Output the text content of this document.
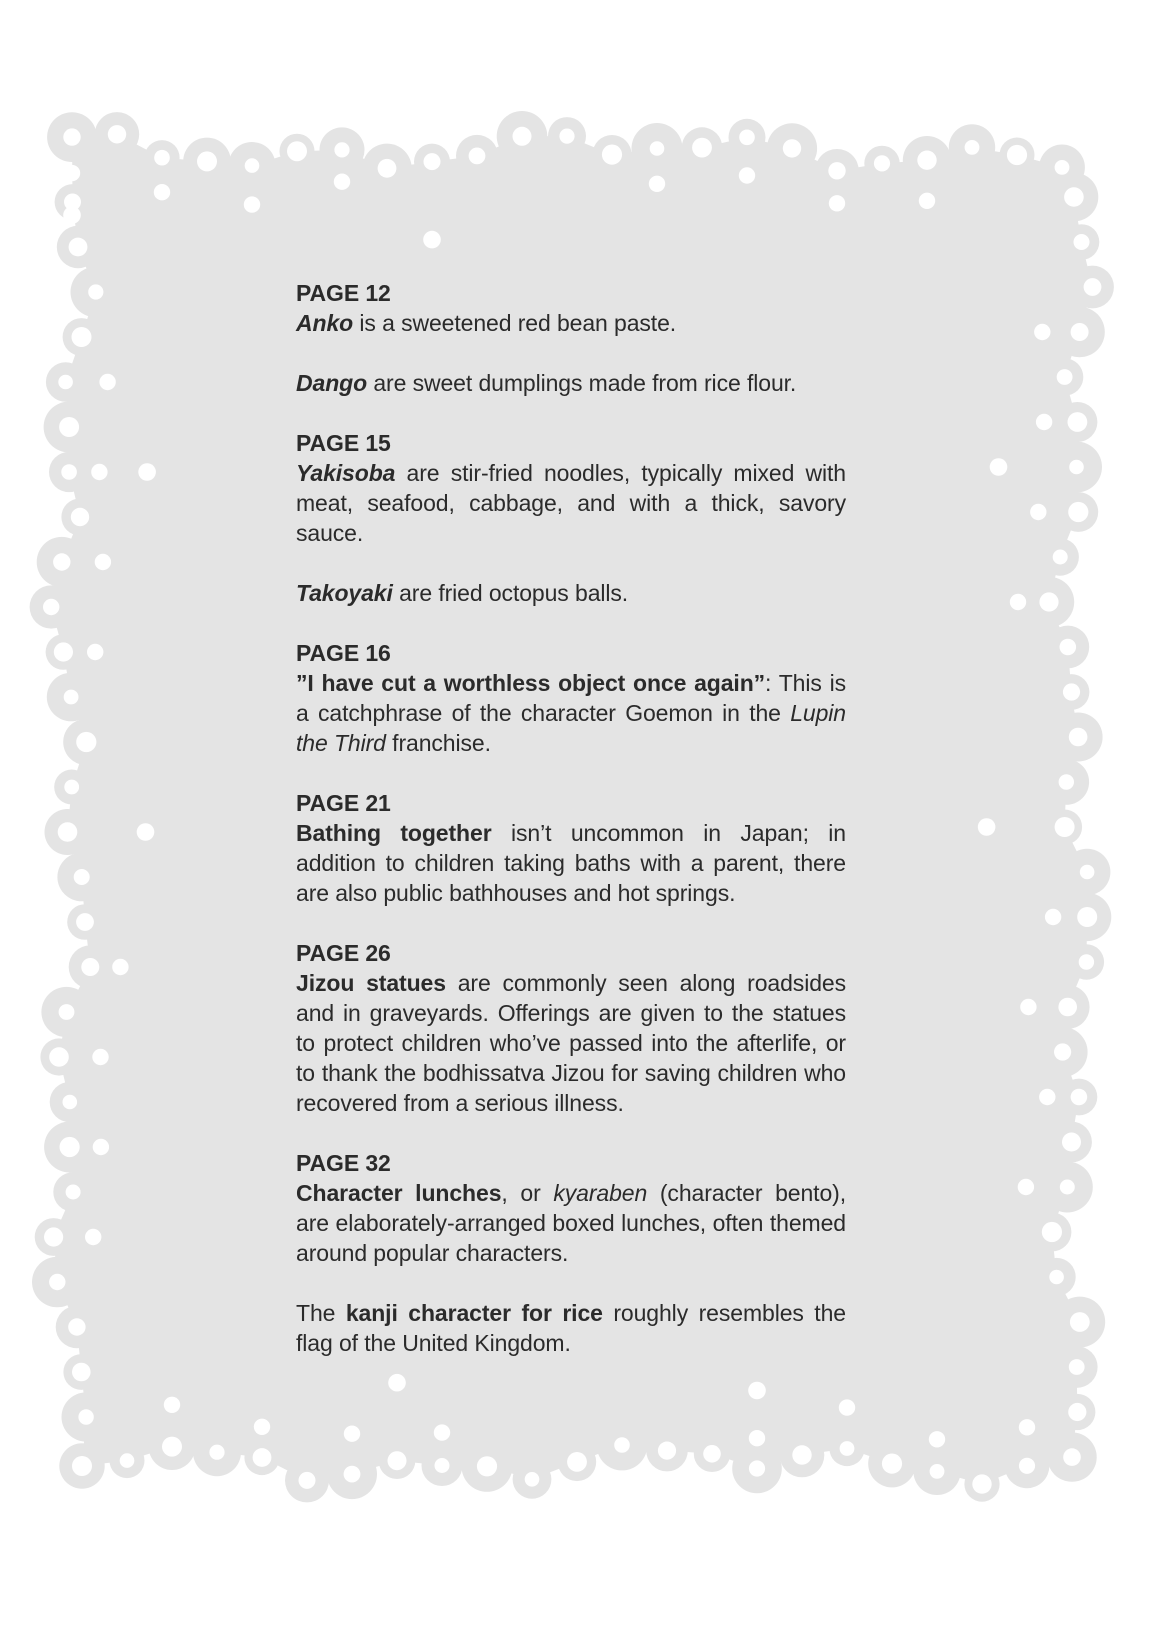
PAGE 12

Anko is a sweetened red bean paste.

Dango are sweet dumplings made from rice flour.

PAGE 15

Yakisoba are stir-fried noodles, typically mixed with meat, seafood, cabbage, and with a thick, savory sauce.

Takoyaki are fried octopus balls.

PAGE 16

”I have cut a worthless object once again”: This is a catchphrase of the character Goemon in the Lupin the Third franchise.

PAGE 21

Bathing together isn’t uncommon in Japan; in addition to children taking baths with a parent, there are also public bathhouses and hot springs.

PAGE 26

Jizou statues are commonly seen along roadsides and in graveyards. Offerings are given to the statues to protect children who’ve passed into the afterlife, or to thank the bodhissatva Jizou for saving children who recovered from a serious illness.

PAGE 32

Character lunches, or kyaraben (character bento), are elaborately-arranged boxed lunches, often themed around popular characters.

The kanji character for rice roughly resembles the flag of the United Kingdom.
